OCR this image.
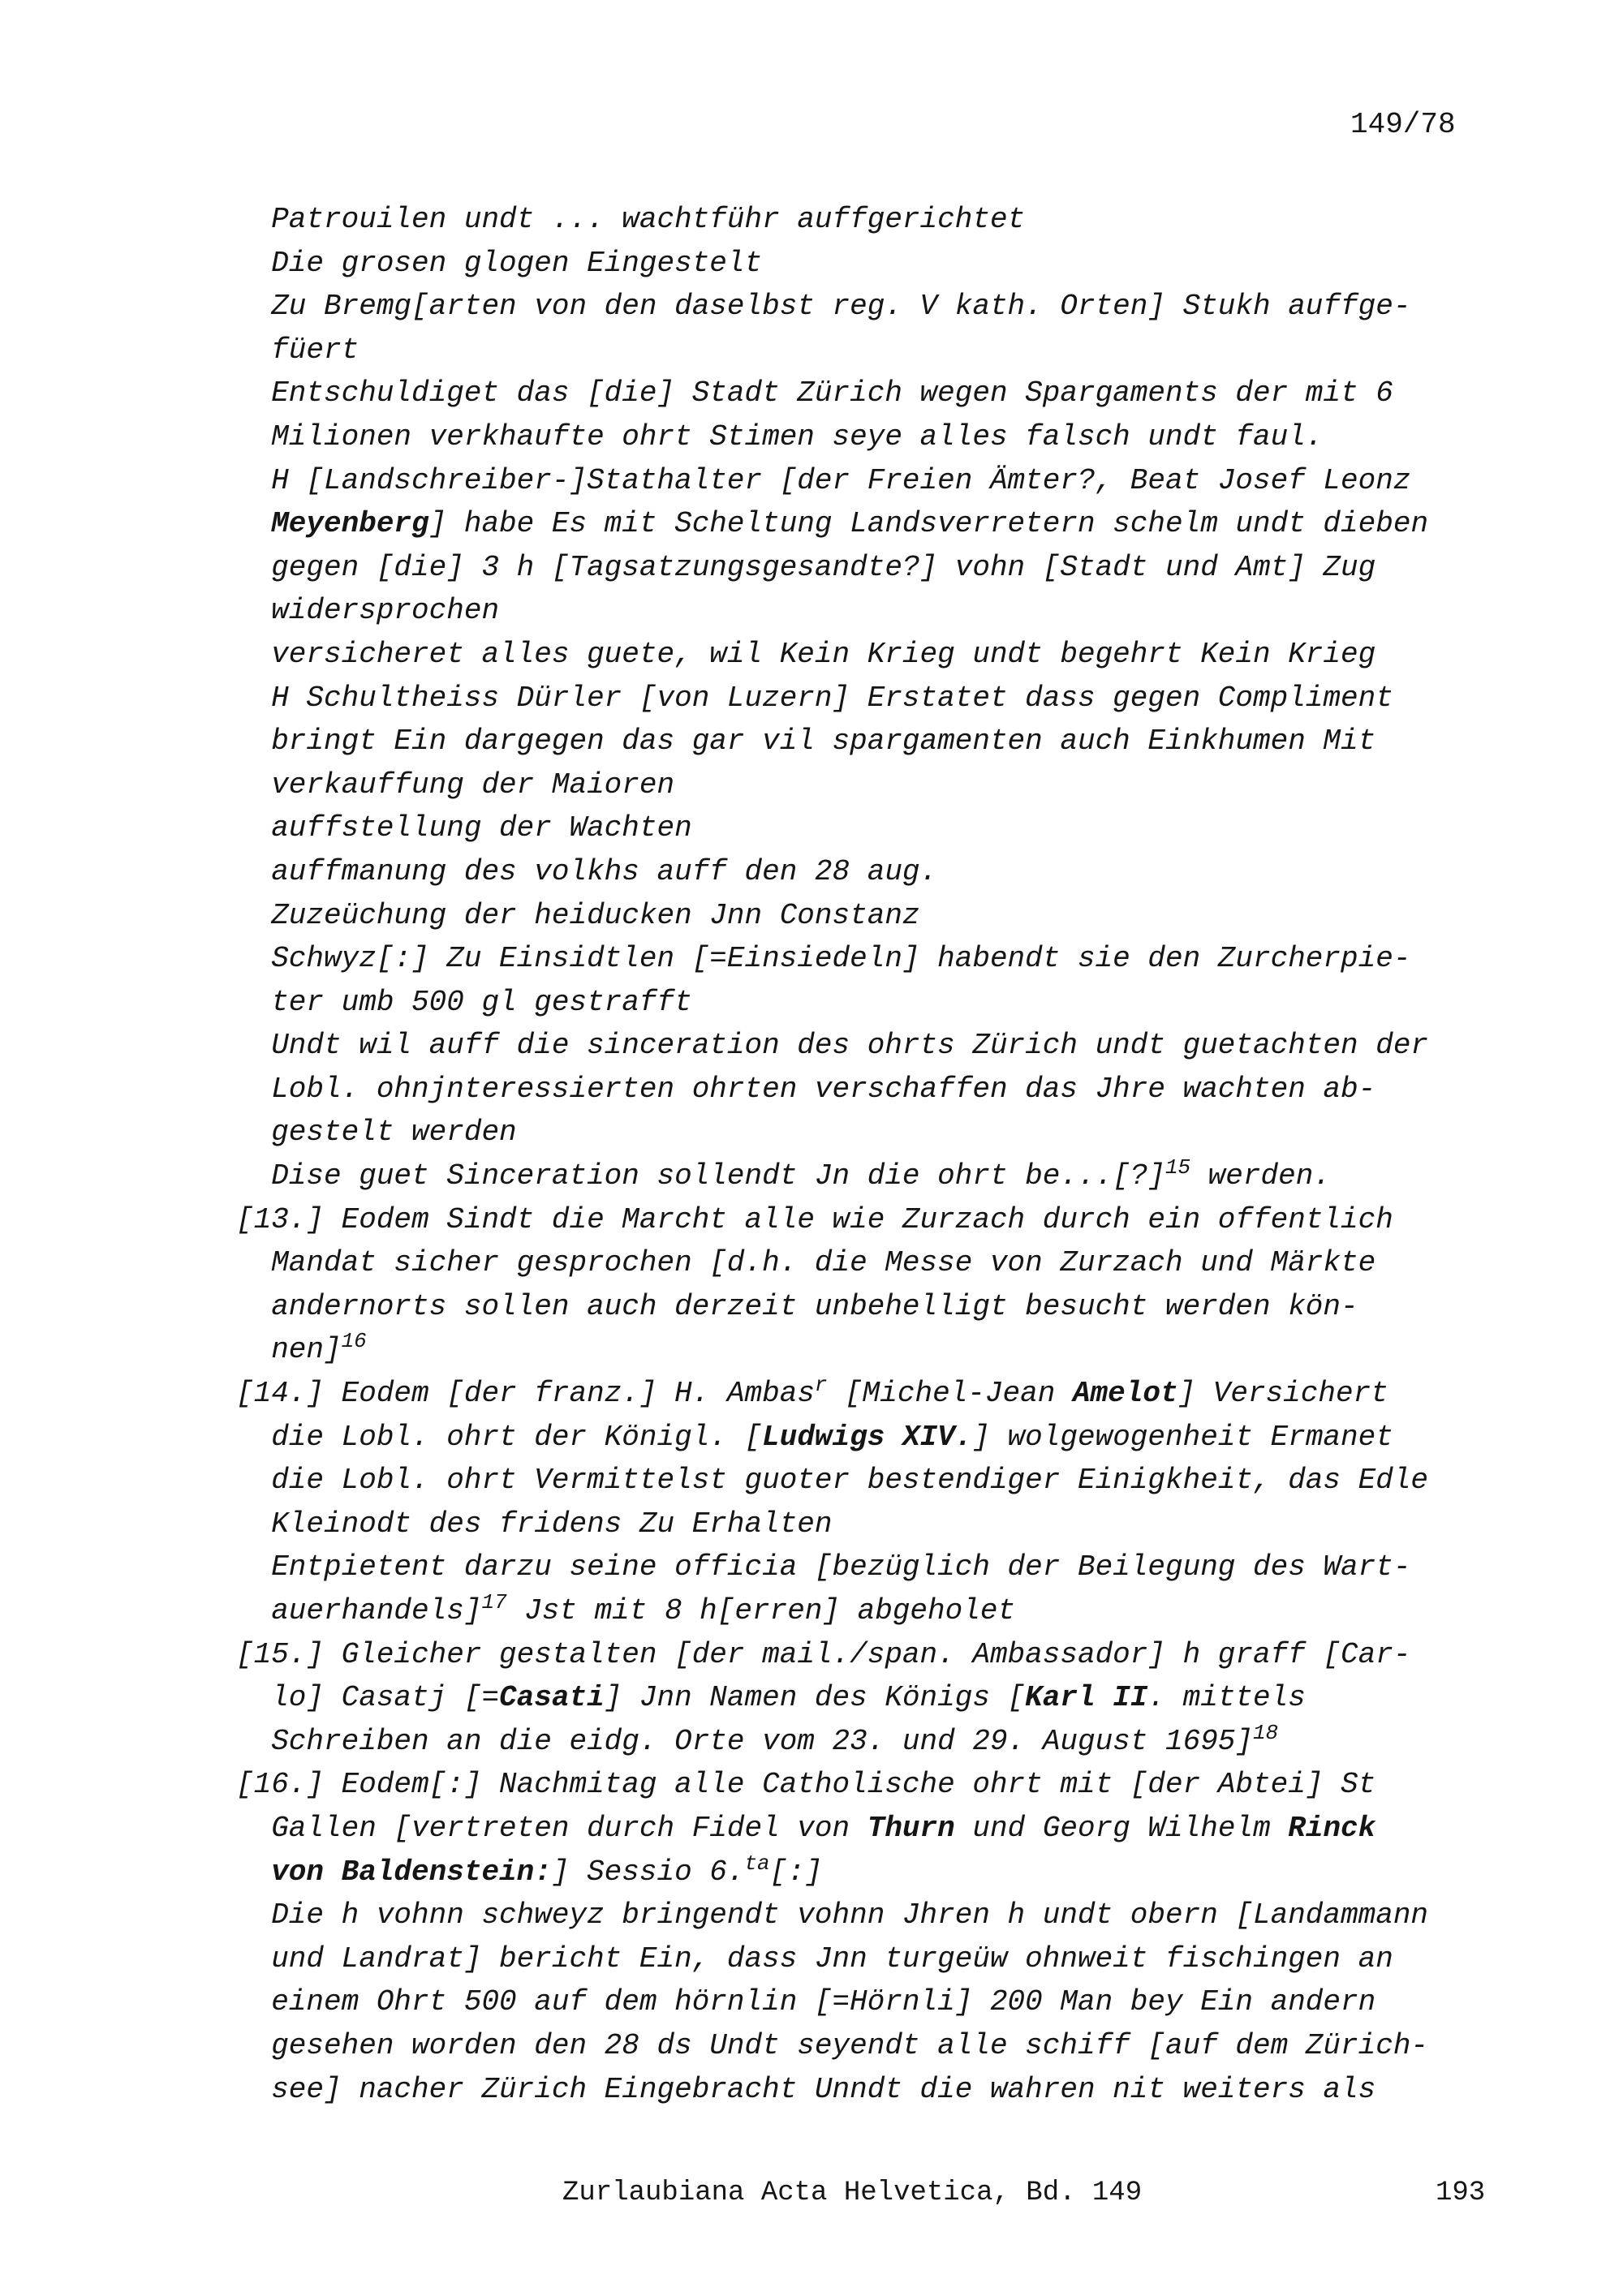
149/78
Patrouilen undt ... wachtführ auffgerichtet
Die grosen glogen Eingestelt
Zu Bremg[arten von den daselbst reg. V kath. Orten] Stukh auffge-
füert
Entschuldiget das [die] Stadt Zürich wegen Spargaments der mit 6
Milionen verkhaufte ohrt Stimen seye alles falsch undt faul.
H [Landschreiber-]Stathalter [der Freien Ämter?, Beat Josef Leonz
Meyenberg] habe Es mit Scheltung Landsverretern schelm undt dieben
gegen [die] 3 h [Tagsatzungsgesandte?] vohn [Stadt und Amt] Zug
widersprochen
versicheret alles guete, wil Kein Krieg undt begehrt Kein Krieg
H Schultheiss Dürler [von Luzern] Erstatet dass gegen Compliment
bringt Ein dargegen das gar vil spargamenten auch Einkhumen Mit
verkauffung der Maioren
auffstellung der Wachten
auffmanung des volkhs auff den 28 aug.
Zuzeüchung der heiducken Jnn Constanz
Schwyz[:] Zu Einsidtlen [=Einsiedeln] habendt sie den Zurcherpie-
ter umb 500 gl gestrafft
Undt wil auff die sinceration des ohrts Zürich undt guetachten der
Lobl. ohnjnteressierten ohrten verschaffen das Jhre wachten ab-
gestelt werden
Dise guet Sinceration sollendt Jn die ohrt be...[?]$^{15}$ werden.
[13.] Eodem Sindt die Marcht alle wie Zurzach durch ein offentlich
Mandat sicher gesprochen [d.h. die Messe von Zurzach und Märkte
andernorts sollen auch derzeit unbehelligt besucht werden kön-
nen]$^{16}$
[14.] Eodem [der franz.] H. Ambas$^r$ [Michel-Jean Amelot] Versichert
die Lobl. ohrt der Königl. [Ludwigs XIV.] wolgewogenheit Ermanet
die Lobl. ohrt Vermittelst guoter bestendiger Einigkheit, das Edle
Kleinodt des fridens Zu Erhalten
Entpietent darzu seine officia [bezüglich der Beilegung des Wart-
auerhandels]$^{17}$ Jst mit 8 h[erren] abgeholet
[15.] Gleicher gestalten [der mail./span. Ambassador] h graff [Car-
lo] Casatj [=Casati] Jnn Namen des Königs [Karl II. mittels
Schreiben an die eidg. Orte vom 23. und 29. August 1695]$^{18}$
[16.] Eodem[:] Nachmitag alle Catholische ohrt mit [der Abtei] St
Gallen [vertreten durch Fidel von Thurn und Georg Wilhelm Rinck
von Baldenstein:] Sessio 6.$^{ta}$[:]
Die h vohnn schweyz bringendt vohnn Jhren h undt obern [Landammann
und Landrat] bericht Ein, dass Jnn turgeüw ohnweit fischingen an
einem Ohrt 500 auf dem hörnlin [=Hörnli] 200 Man bey Ein andern
gesehen worden den 28 ds Undt seyendt alle schiff [auf dem Zürich-
see] nacher Zürich Eingebracht Unndt die wahren nit weiters als
Zurlaubiana Acta Helvetica, Bd. 149	193
